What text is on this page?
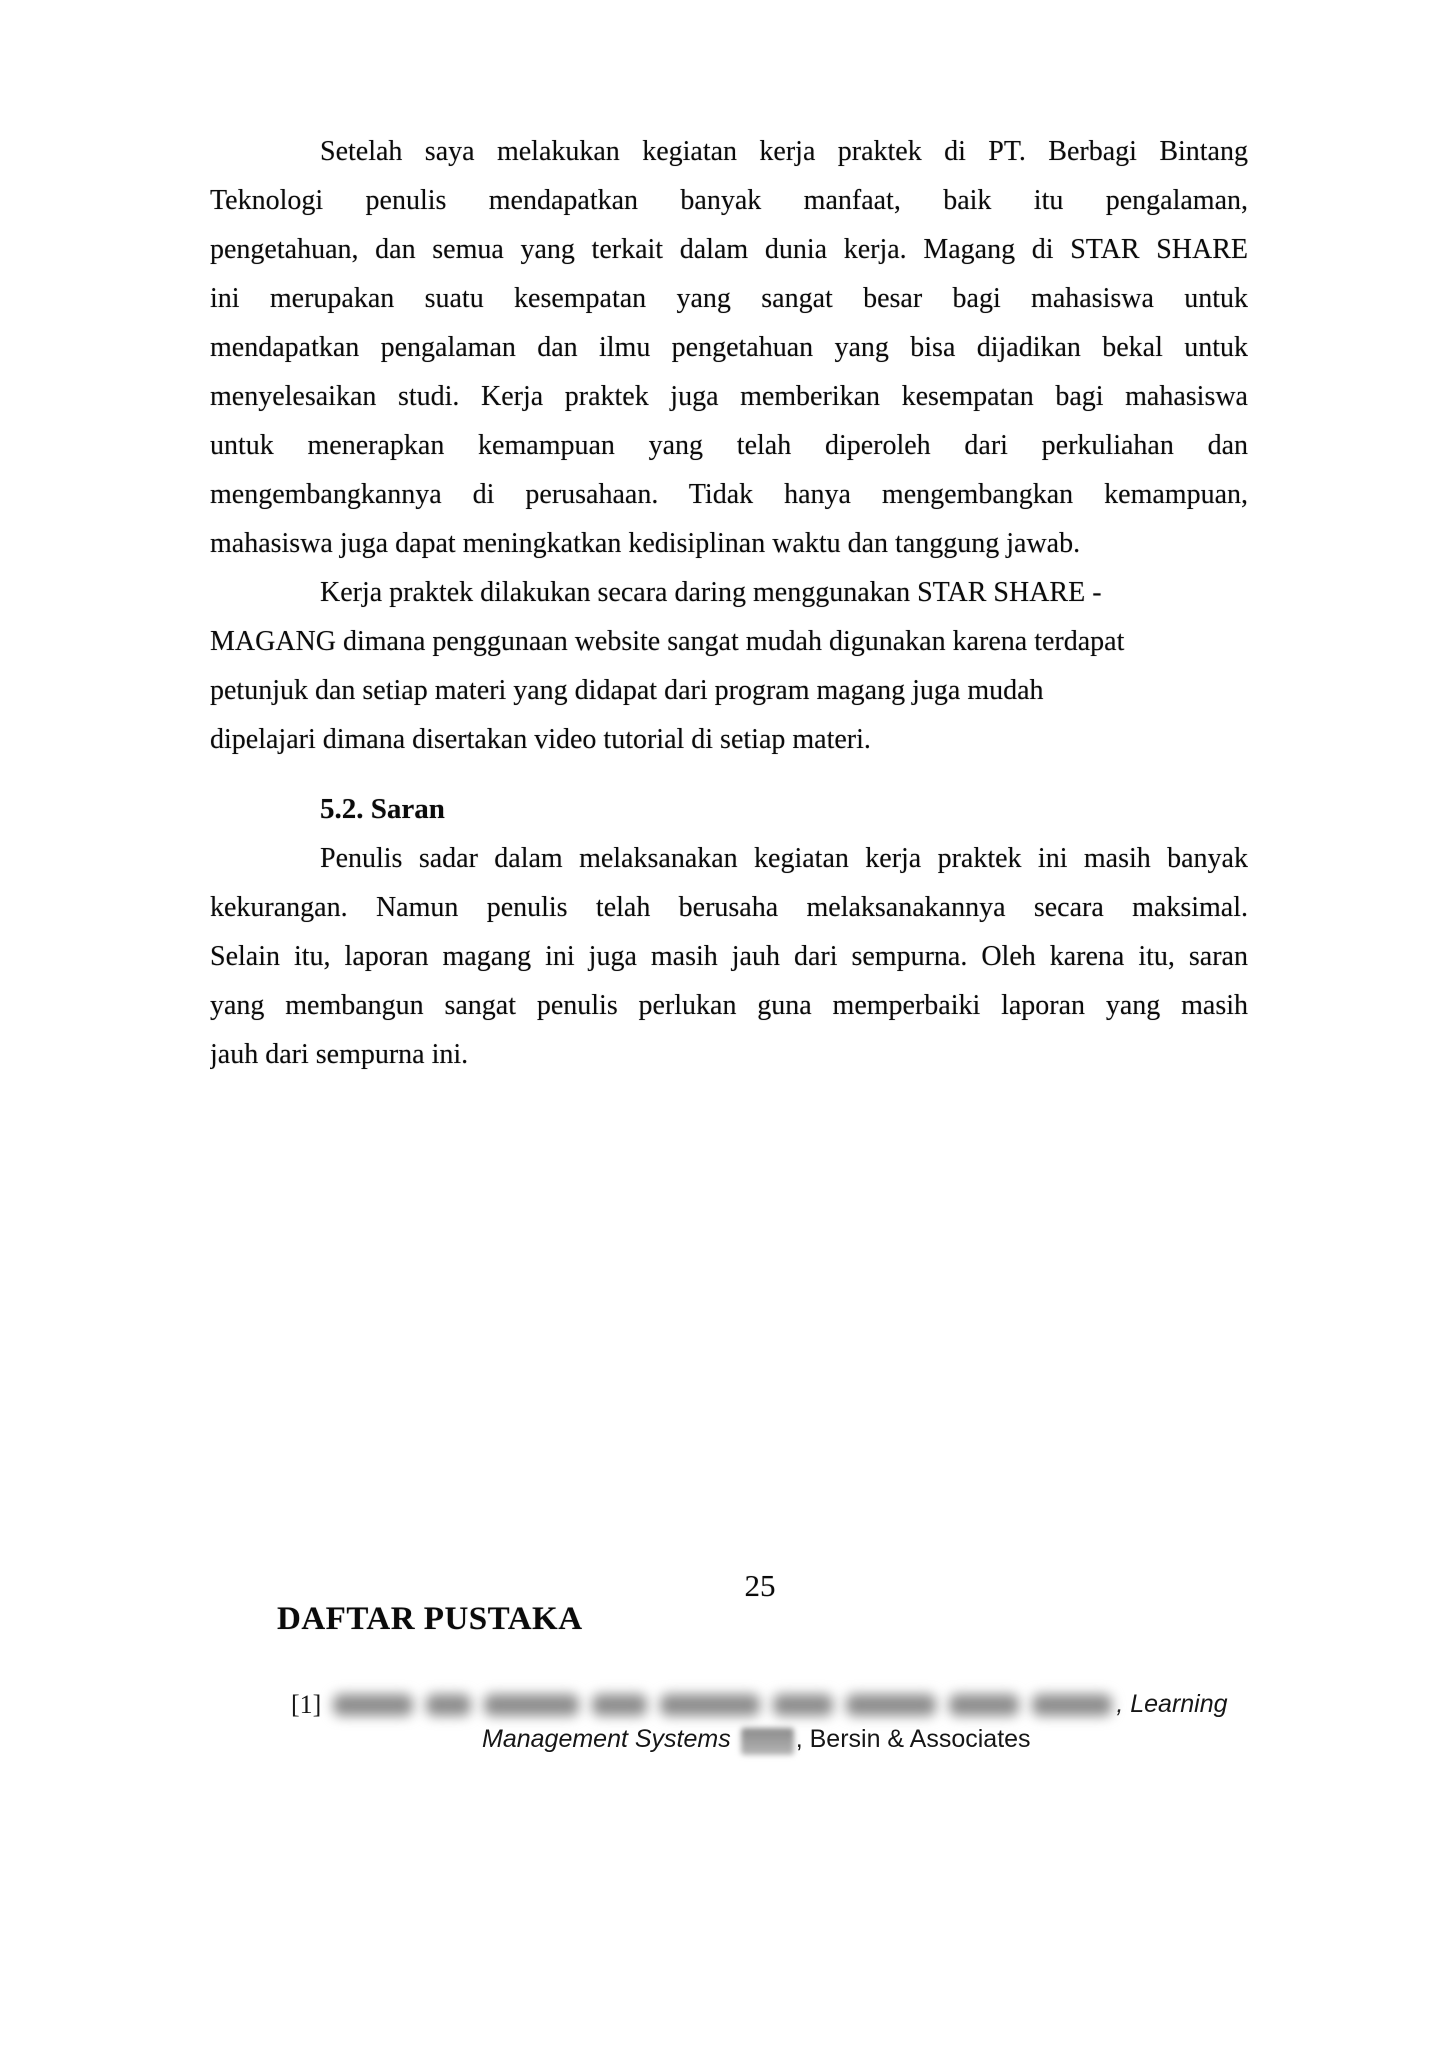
Setelah saya melakukan kegiatan kerja praktek di PT. Berbagi Bintang
Teknologi penulis mendapatkan banyak manfaat, baik itu pengalaman,
pengetahuan, dan semua yang terkait dalam dunia kerja. Magang di STAR SHARE
ini merupakan suatu kesempatan yang sangat besar bagi mahasiswa untuk
mendapatkan pengalaman dan ilmu pengetahuan yang bisa dijadikan bekal untuk
menyelesaikan studi. Kerja praktek juga memberikan kesempatan bagi mahasiswa
untuk menerapkan kemampuan yang telah diperoleh dari perkuliahan dan
mengembangkannya di perusahaan. Tidak hanya mengembangkan kemampuan,
mahasiswa juga dapat meningkatkan kedisiplinan waktu dan tanggung jawab.
Kerja praktek dilakukan secara daring menggunakan STAR SHARE -
MAGANG dimana penggunaan website sangat mudah digunakan karena terdapat
petunjuk dan setiap materi yang didapat dari program magang juga mudah
dipelajari dimana disertakan video tutorial di setiap materi.
5.2. Saran
Penulis sadar dalam melaksanakan kegiatan kerja praktek ini masih banyak
kekurangan. Namun penulis telah berusaha melaksanakannya secara maksimal.
Selain itu, laporan magang ini juga masih jauh dari sempurna. Oleh karena itu, saran
yang membangun sangat penulis perlukan guna memperbaiki laporan yang masih
jauh dari sempurna ini.
25
DAFTAR PUSTAKA
[1]	, Learning
Management Systems	, Bersin & Associates
